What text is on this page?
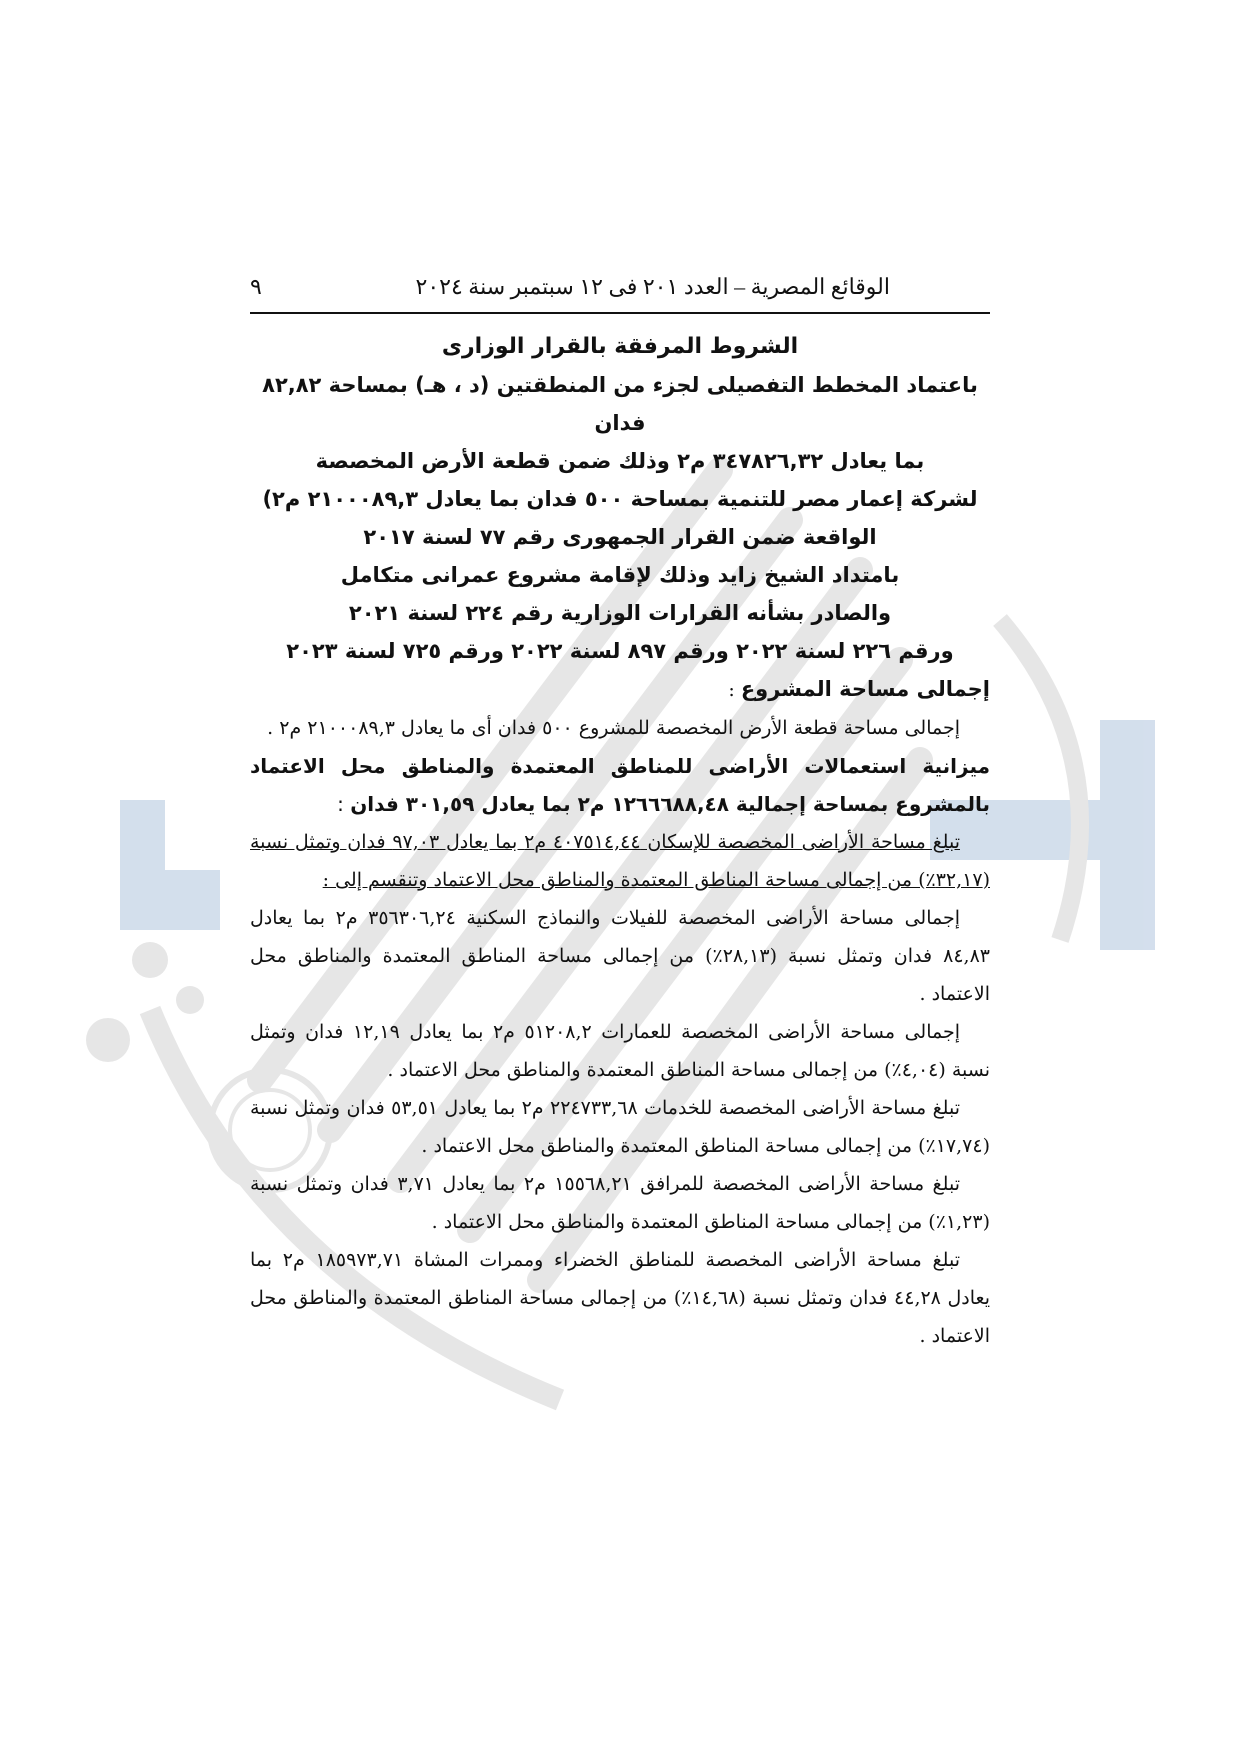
الوقائع المصرية – العدد ٢٠١ فى ١٢ سبتمبر سنة ٢٠٢٤
٩
الشروط المرفقة بالقرار الوزارى
باعتماد المخطط التفصيلى لجزء من المنطقتين (د ، هـ) بمساحة ٨٢,٨٢ فدان
بما يعادل ٣٤٧٨٢٦,٣٢ م٢ وذلك ضمن قطعة الأرض المخصصة
لشركة إعمار مصر للتنمية بمساحة ٥٠٠ فدان بما يعادل ٢١٠٠٠٨٩,٣ م٢)
الواقعة ضمن القرار الجمهورى رقم ٧٧ لسنة ٢٠١٧
بامتداد الشيخ زايد وذلك لإقامة مشروع عمرانى متكامل
والصادر بشأنه القرارات الوزارية رقم ٢٢٤ لسنة ٢٠٢١
ورقم ٢٢٦ لسنة ٢٠٢٢ ورقم ٨٩٧ لسنة ٢٠٢٢ ورقم ٧٢٥ لسنة ٢٠٢٣
إجمالى مساحة المشروع :
إجمالى مساحة قطعة الأرض المخصصة للمشروع ٥٠٠ فدان أى ما يعادل ٢١٠٠٠٨٩,٣ م٢ .
ميزانية استعمالات الأراضى للمناطق المعتمدة والمناطق محل الاعتماد بالمشروع بمساحة إجمالية ١٢٦٦٦٨٨,٤٨ م٢ بما يعادل ٣٠١,٥٩ فدان :
تبلغ مساحة الأراضى المخصصة للإسكان ٤٠٧٥١٤,٤٤ م٢ بما يعادل ٩٧,٠٣ فدان وتمثل نسبة (٣٢,١٧٪) من إجمالى مساحة المناطق المعتمدة والمناطق محل الاعتماد وتنقسم إلى :
إجمالى مساحة الأراضى المخصصة للفيلات والنماذج السكنية ٣٥٦٣٠٦,٢٤ م٢ بما يعادل ٨٤,٨٣ فدان وتمثل نسبة (٢٨,١٣٪) من إجمالى مساحة المناطق المعتمدة والمناطق محل الاعتماد .
إجمالى مساحة الأراضى المخصصة للعمارات ٥١٢٠٨,٢ م٢ بما يعادل ١٢,١٩ فدان وتمثل نسبة (٤,٠٤٪) من إجمالى مساحة المناطق المعتمدة والمناطق محل الاعتماد .
تبلغ مساحة الأراضى المخصصة للخدمات ٢٢٤٧٣٣,٦٨ م٢ بما يعادل ٥٣,٥١ فدان وتمثل نسبة (١٧,٧٤٪) من إجمالى مساحة المناطق المعتمدة والمناطق محل الاعتماد .
تبلغ مساحة الأراضى المخصصة للمرافق ١٥٥٦٨,٢١ م٢ بما يعادل ٣,٧١ فدان وتمثل نسبة (١,٢٣٪) من إجمالى مساحة المناطق المعتمدة والمناطق محل الاعتماد .
تبلغ مساحة الأراضى المخصصة للمناطق الخضراء وممرات المشاة ١٨٥٩٧٣,٧١ م٢ بما يعادل ٤٤,٢٨ فدان وتمثل نسبة (١٤,٦٨٪) من إجمالى مساحة المناطق المعتمدة والمناطق محل الاعتماد .
